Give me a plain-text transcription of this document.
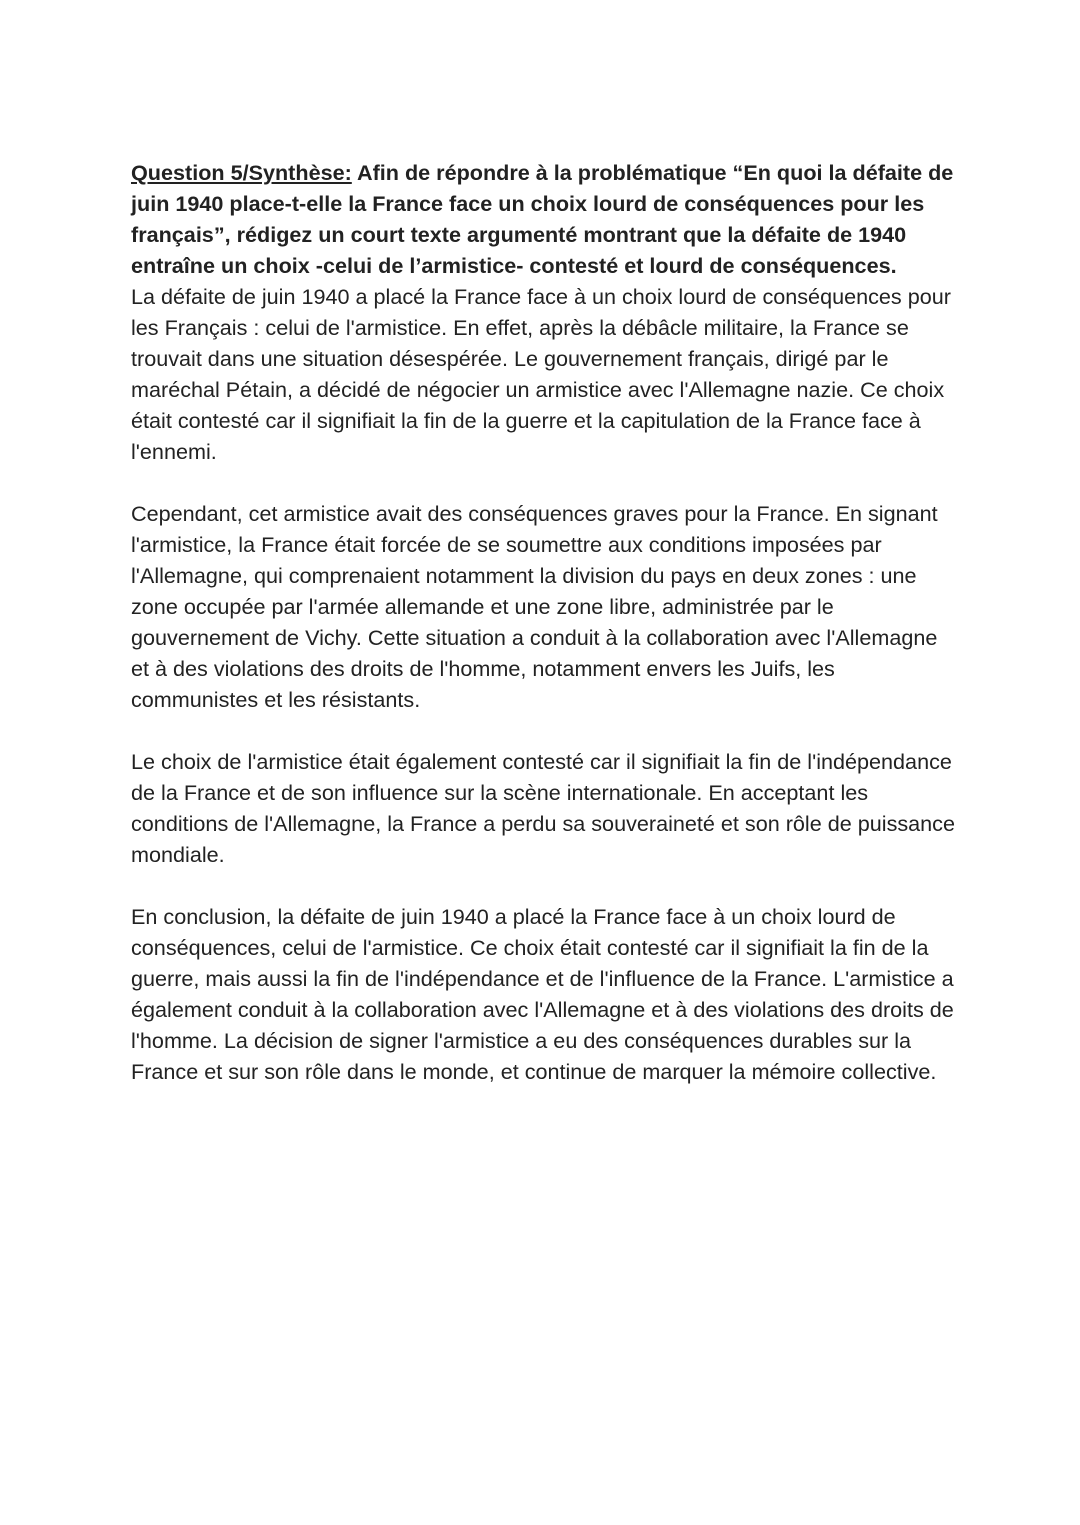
Question 5/Synthèse: Afin de répondre à la problématique “En quoi la défaite de juin 1940 place-t-elle la France face un choix lourd de conséquences pour les français”, rédigez un court texte argumenté montrant que la défaite de 1940 entraîne un choix -celui de l’armistice- contesté et lourd de conséquences.

La défaite de juin 1940 a placé la France face à un choix lourd de conséquences pour les Français : celui de l'armistice. En effet, après la débâcle militaire, la France se trouvait dans une situation désespérée. Le gouvernement français, dirigé par le maréchal Pétain, a décidé de négocier un armistice avec l'Allemagne nazie. Ce choix était contesté car il signifiait la fin de la guerre et la capitulation de la France face à l'ennemi.

Cependant, cet armistice avait des conséquences graves pour la France. En signant l'armistice, la France était forcée de se soumettre aux conditions imposées par l'Allemagne, qui comprenaient notamment la division du pays en deux zones : une zone occupée par l'armée allemande et une zone libre, administrée par le gouvernement de Vichy. Cette situation a conduit à la collaboration avec l'Allemagne et à des violations des droits de l'homme, notamment envers les Juifs, les communistes et les résistants.

Le choix de l'armistice était également contesté car il signifiait la fin de l'indépendance de la France et de son influence sur la scène internationale. En acceptant les conditions de l'Allemagne, la France a perdu sa souveraineté et son rôle de puissance mondiale.

En conclusion, la défaite de juin 1940 a placé la France face à un choix lourd de conséquences, celui de l'armistice. Ce choix était contesté car il signifiait la fin de la guerre, mais aussi la fin de l'indépendance et de l'influence de la France. L'armistice a également conduit à la collaboration avec l'Allemagne et à des violations des droits de l'homme. La décision de signer l'armistice a eu des conséquences durables sur la France et sur son rôle dans le monde, et continue de marquer la mémoire collective.
